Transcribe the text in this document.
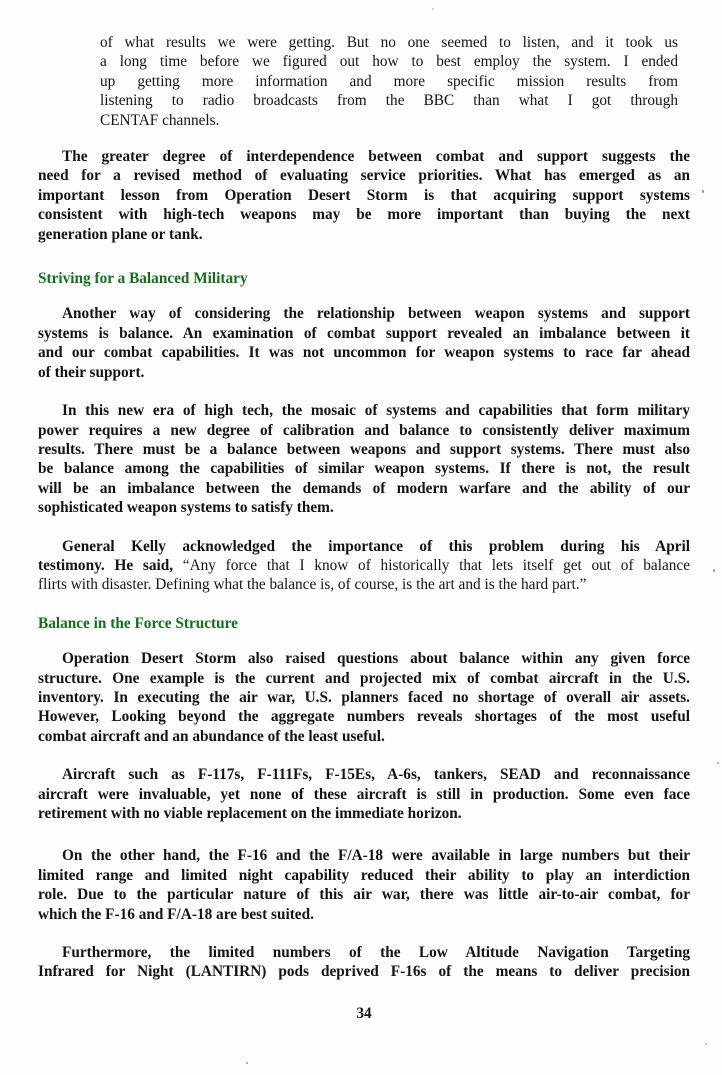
of what results we were getting. But no one seemed to listen, and it took us
a long time before we figured out how to best employ the system. I ended
up getting more information and more specific mission results from
listening to radio broadcasts from the BBC than what I got through
CENTAF channels.
The greater degree of interdependence between combat and support suggests the
need for a revised method of evaluating service priorities. What has emerged as an
important lesson from Operation Desert Storm is that acquiring support systems
consistent with high-tech weapons may be more important than buying the next
generation plane or tank.
Striving for a Balanced Military
Another way of considering the relationship between weapon systems and support
systems is balance. An examination of combat support revealed an imbalance between it
and our combat capabilities. It was not uncommon for weapon systems to race far ahead
of their support.
In this new era of high tech, the mosaic of systems and capabilities that form military
power requires a new degree of calibration and balance to consistently deliver maximum
results. There must be a balance between weapons and support systems. There must also
be balance among the capabilities of similar weapon systems. If there is not, the result
will be an imbalance between the demands of modern warfare and the ability of our
sophisticated weapon systems to satisfy them.
General Kelly acknowledged the importance of this problem during his April
testimony. He said, “Any force that I know of historically that lets itself get out of balance
flirts with disaster. Defining what the balance is, of course, is the art and is the hard part.”
Balance in the Force Structure
Operation Desert Storm also raised questions about balance within any given force
structure. One example is the current and projected mix of combat aircraft in the U.S.
inventory. In executing the air war, U.S. planners faced no shortage of overall air assets.
However, Looking beyond the aggregate numbers reveals shortages of the most useful
combat aircraft and an abundance of the least useful.
Aircraft such as F-117s, F-111Fs, F-15Es, A-6s, tankers, SEAD and reconnaissance
aircraft were invaluable, yet none of these aircraft is still in production. Some even face
retirement with no viable replacement on the immediate horizon.
On the other hand, the F-16 and the F/A-18 were available in large numbers but their
limited range and limited night capability reduced their ability to play an interdiction
role. Due to the particular nature of this air war, there was little air-to-air combat, for
which the F-16 and F/A-18 are best suited.
Furthermore, the limited numbers of the Low Altitude Navigation Targeting
Infrared for Night (LANTIRN) pods deprived F-16s of the means to deliver precision
34
